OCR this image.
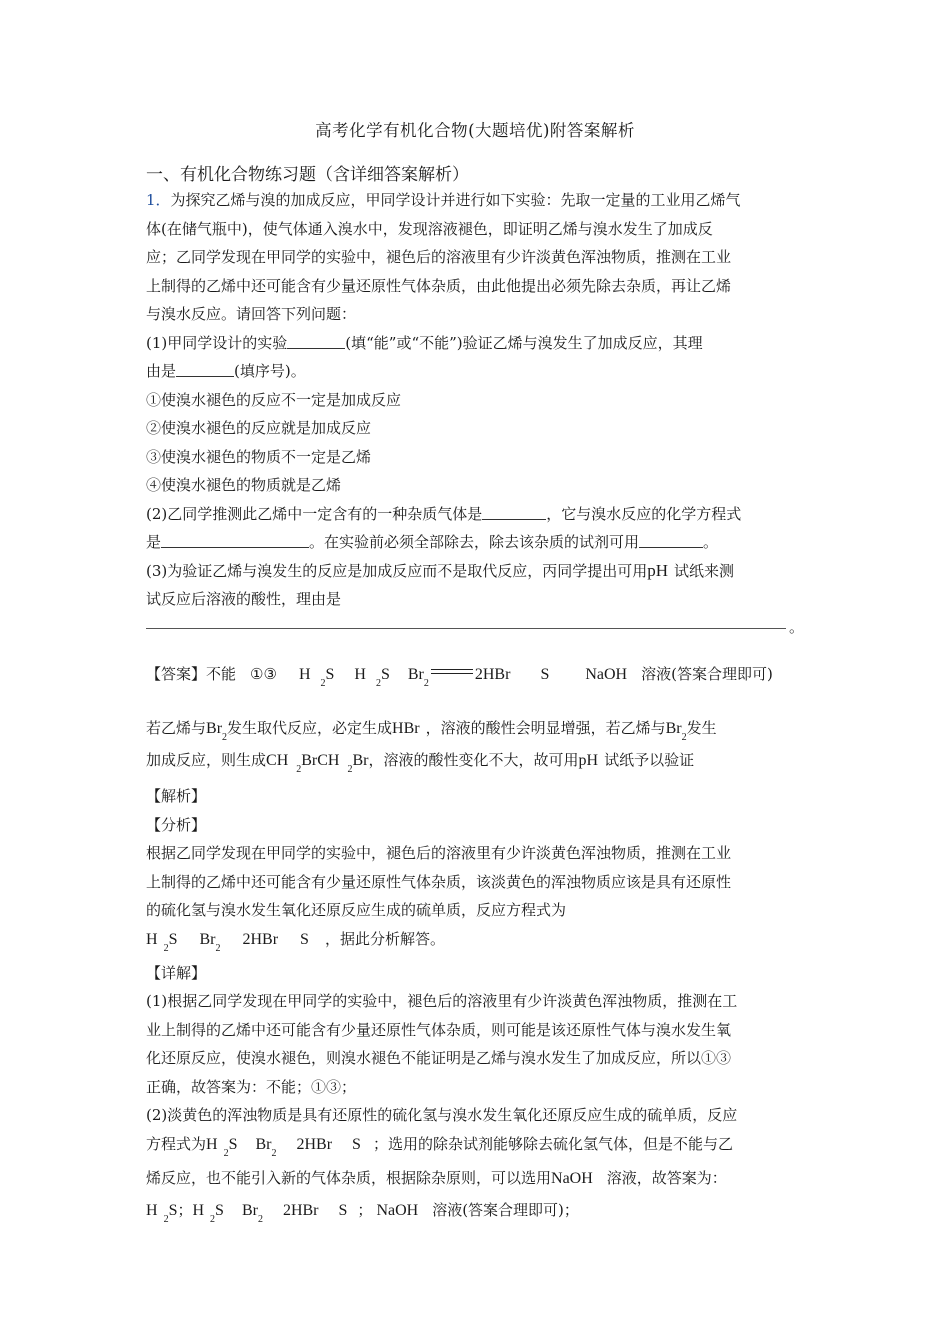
高考化学有机化合物(大题培优)附答案解析
一、有机化合物练习题（含详细答案解析）
1．为探究乙烯与溴的加成反应，甲同学设计并进行如下实验：先取一定量的工业用乙烯气
体(在储气瓶中)，使气体通入溴水中，发现溶液褪色，即证明乙烯与溴水发生了加成反
应；乙同学发现在甲同学的实验中，褪色后的溶液里有少许淡黄色浑浊物质，推测在工业
上制得的乙烯中还可能含有少量还原性气体杂质，由此他提出必须先除去杂质，再让乙烯
与溴水反应。请回答下列问题：
(1)甲同学设计的实验	(填“能”或“不能”)验证乙烯与溴发生了加成反应，其理
由是	(填序号)。
①使溴水褪色的反应不一定是加成反应
②使溴水褪色的反应就是加成反应
③使溴水褪色的物质不一定是乙烯
④使溴水褪色的物质就是乙烯
(2)乙同学推测此乙烯中一定含有的一种杂质气体是	，它与溴水反应的化学方程式
是	。在实验前必须全部除去，除去该杂质的试剂可用	。
(3)为验证乙烯与溴发生的反应是加成反应而不是取代反应，丙同学提出可用pH 试纸来测
试反应后溶液的酸性，理由是
。
【答案】不能 ①③ $H_2S$ $H_2S$ $Br_22HBr$ S NaOH 溶液(答案合理即可)
若乙烯与$Br_2$发生取代反应，必定生成HBr ，溶液的酸性会明显增强，若乙烯与$Br_2$发生
加成反应，则生成$CH_2BrCH_2Br$，溶液的酸性变化不大，故可用pH 试纸予以验证
【解析】
【分析】
根据乙同学发现在甲同学的实验中，褪色后的溶液里有少许淡黄色浑浊物质，推测在工业
上制得的乙烯中还可能含有少量还原性气体杂质，该淡黄色的浑浊物质应该是具有还原性
的硫化氢与溴水发生氧化还原反应生成的硫单质，反应方程式为
$H_2S$ $Br_22HBr$ S ，据此分析解答。
【详解】
(1)根据乙同学发现在甲同学的实验中，褪色后的溶液里有少许淡黄色浑浊物质，推测在工
业上制得的乙烯中还可能含有少量还原性气体杂质，则可能是该还原性气体与溴水发生氧
化还原反应，使溴水褪色，则溴水褪色不能证明是乙烯与溴水发生了加成反应，所以①③
正确，故答案为：不能；①③；
(2)淡黄色的浑浊物质是具有还原性的硫化氢与溴水发生氧化还原反应生成的硫单质，反应
方程式为$H_2S$ $Br_22HBr$ S ；选用的除杂试剂能够除去硫化氢气体，但是不能与乙
烯反应，也不能引入新的气体杂质，根据除杂原则，可以选用NaOH 溶液，故答案为：
$H_2S$；$H_2S$ $Br_22HBr$ S ； NaOH 溶液(答案合理即可)；
